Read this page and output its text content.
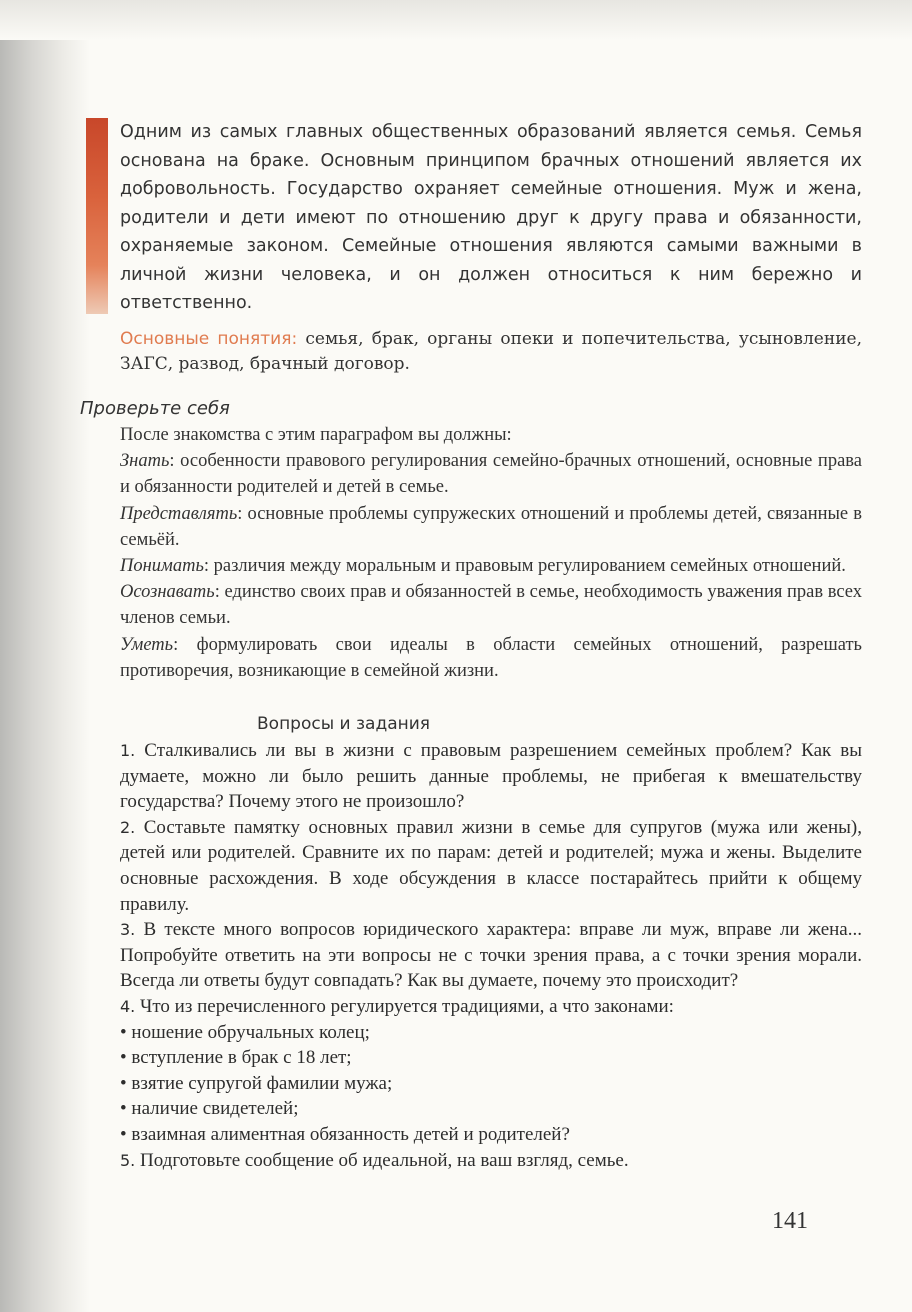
Одним из самых главных общественных образований является семья. Семья основана на браке. Основным принципом брачных отношений является их добровольность. Государство охраняет семейные отношения. Муж и жена, родители и дети имеют по отношению друг к другу права и обязанности, охраняемые законом. Семейные отношения являются самыми важными в личной жизни человека, и он должен относиться к ним бережно и ответственно.
Основные понятия: семья, брак, органы опеки и попечительства, усыновление, ЗАГС, развод, брачный договор.
Проверьте себя

После знакомства с этим параграфом вы должны:

Знать: особенности правового регулирования семейно-брачных отношений, основные права и обязанности родителей и детей в семье.

Представлять: основные проблемы супружеских отношений и проблемы детей, связанные в семьёй.

Понимать: различия между моральным и правовым регулированием семейных отношений.

Осознавать: единство своих прав и обязанностей в семье, необходимость уважения прав всех членов семьи.

Уметь: формулировать свои идеалы в области семейных отношений, разрешать противоречия, возникающие в семейной жизни.

Вопросы и задания

1. Сталкивались ли вы в жизни с правовым разрешением семейных проблем? Как вы думаете, можно ли было решить данные проблемы, не прибегая к вмешательству государства? Почему этого не произошло?

2. Составьте памятку основных правил жизни в семье для супругов (мужа или жены), детей или родителей. Сравните их по парам: детей и родителей; мужа и жены. Выделите основные расхождения. В ходе обсуждения в классе постарайтесь прийти к общему правилу.

3. В тексте много вопросов юридического характера: вправе ли муж, вправе ли жена... Попробуйте ответить на эти вопросы не с точки зрения права, а с точки зрения морали. Всегда ли ответы будут совпадать? Как вы думаете, почему это происходит?

4. Что из перечисленного регулируется традициями, а что законами:

• ношение обручальных колец;
• вступление в брак с 18 лет;
• взятие супругой фамилии мужа;
• наличие свидетелей;
• взаимная алиментная обязанность детей и родителей?

5. Подготовьте сообщение об идеальной, на ваш взгляд, семье.

141
